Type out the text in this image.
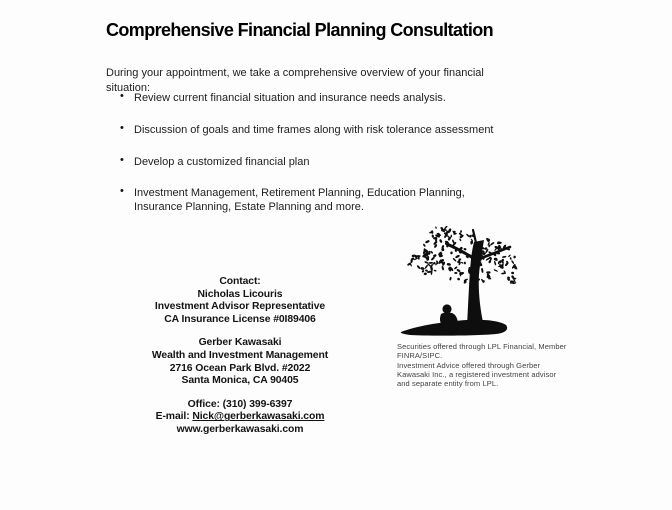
Comprehensive Financial Planning Consultation

During your appointment, we take a comprehensive overview of your financial situation:

• Review current financial situation and insurance needs analysis.
• Discussion of goals and time frames along with risk tolerance assessment
• Develop a customized financial plan
• Investment Management, Retirement Planning, Education Planning, Insurance Planning, Estate Planning and more.
Contact:
Nicholas Licouris
Investment Advisor Representative
CA Insurance License #0I89406
Gerber Kawasaki
Wealth and Investment Management
2716 Ocean Park Blvd. #2022
Santa Monica, CA 90405
Office: (310) 399-6397
E-mail: Nick@gerberkawasaki.com
www.gerberkawasaki.com

Securities offered through LPL Financial, Member FINRA/SIPC.

Investment Advice offered through Gerber Kawasaki Inc., a registered investment advisor and separate entity from LPL.
